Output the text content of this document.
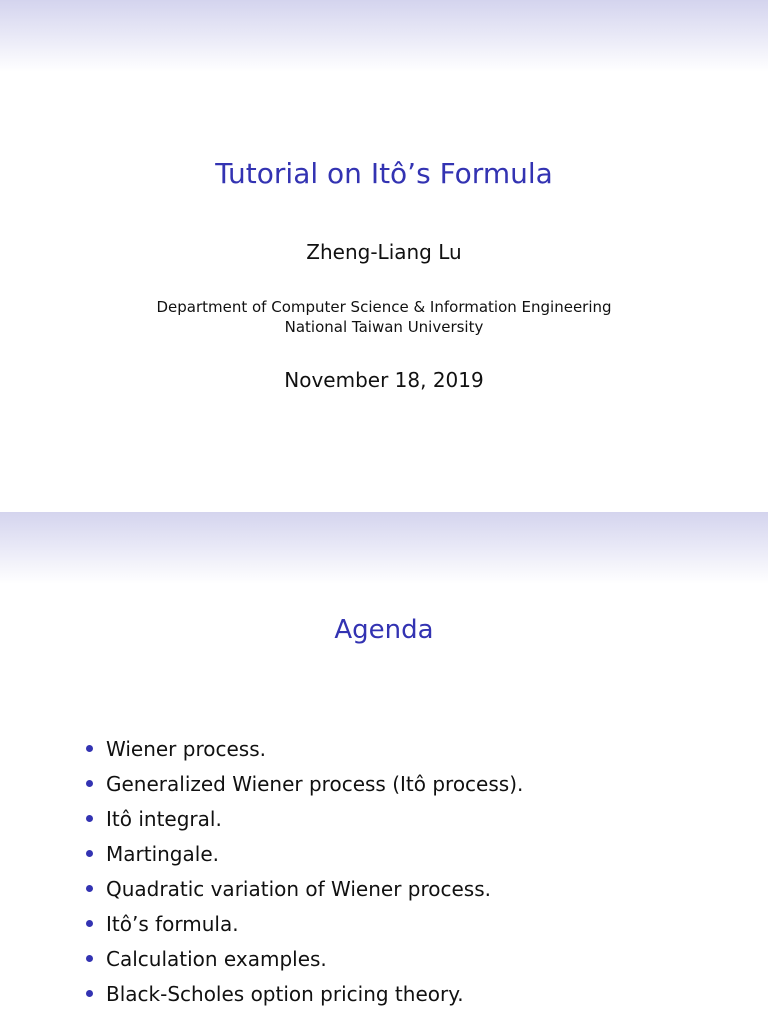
Tutorial on Itô’s Formula
Zheng-Liang Lu
Department of Computer Science & Information Engineering
National Taiwan University
November 18, 2019
Agenda
Wiener process.
Generalized Wiener process (Itô process).
Itô integral.
Martingale.
Quadratic variation of Wiener process.
Itô’s formula.
Calculation examples.
Black-Scholes option pricing theory.
